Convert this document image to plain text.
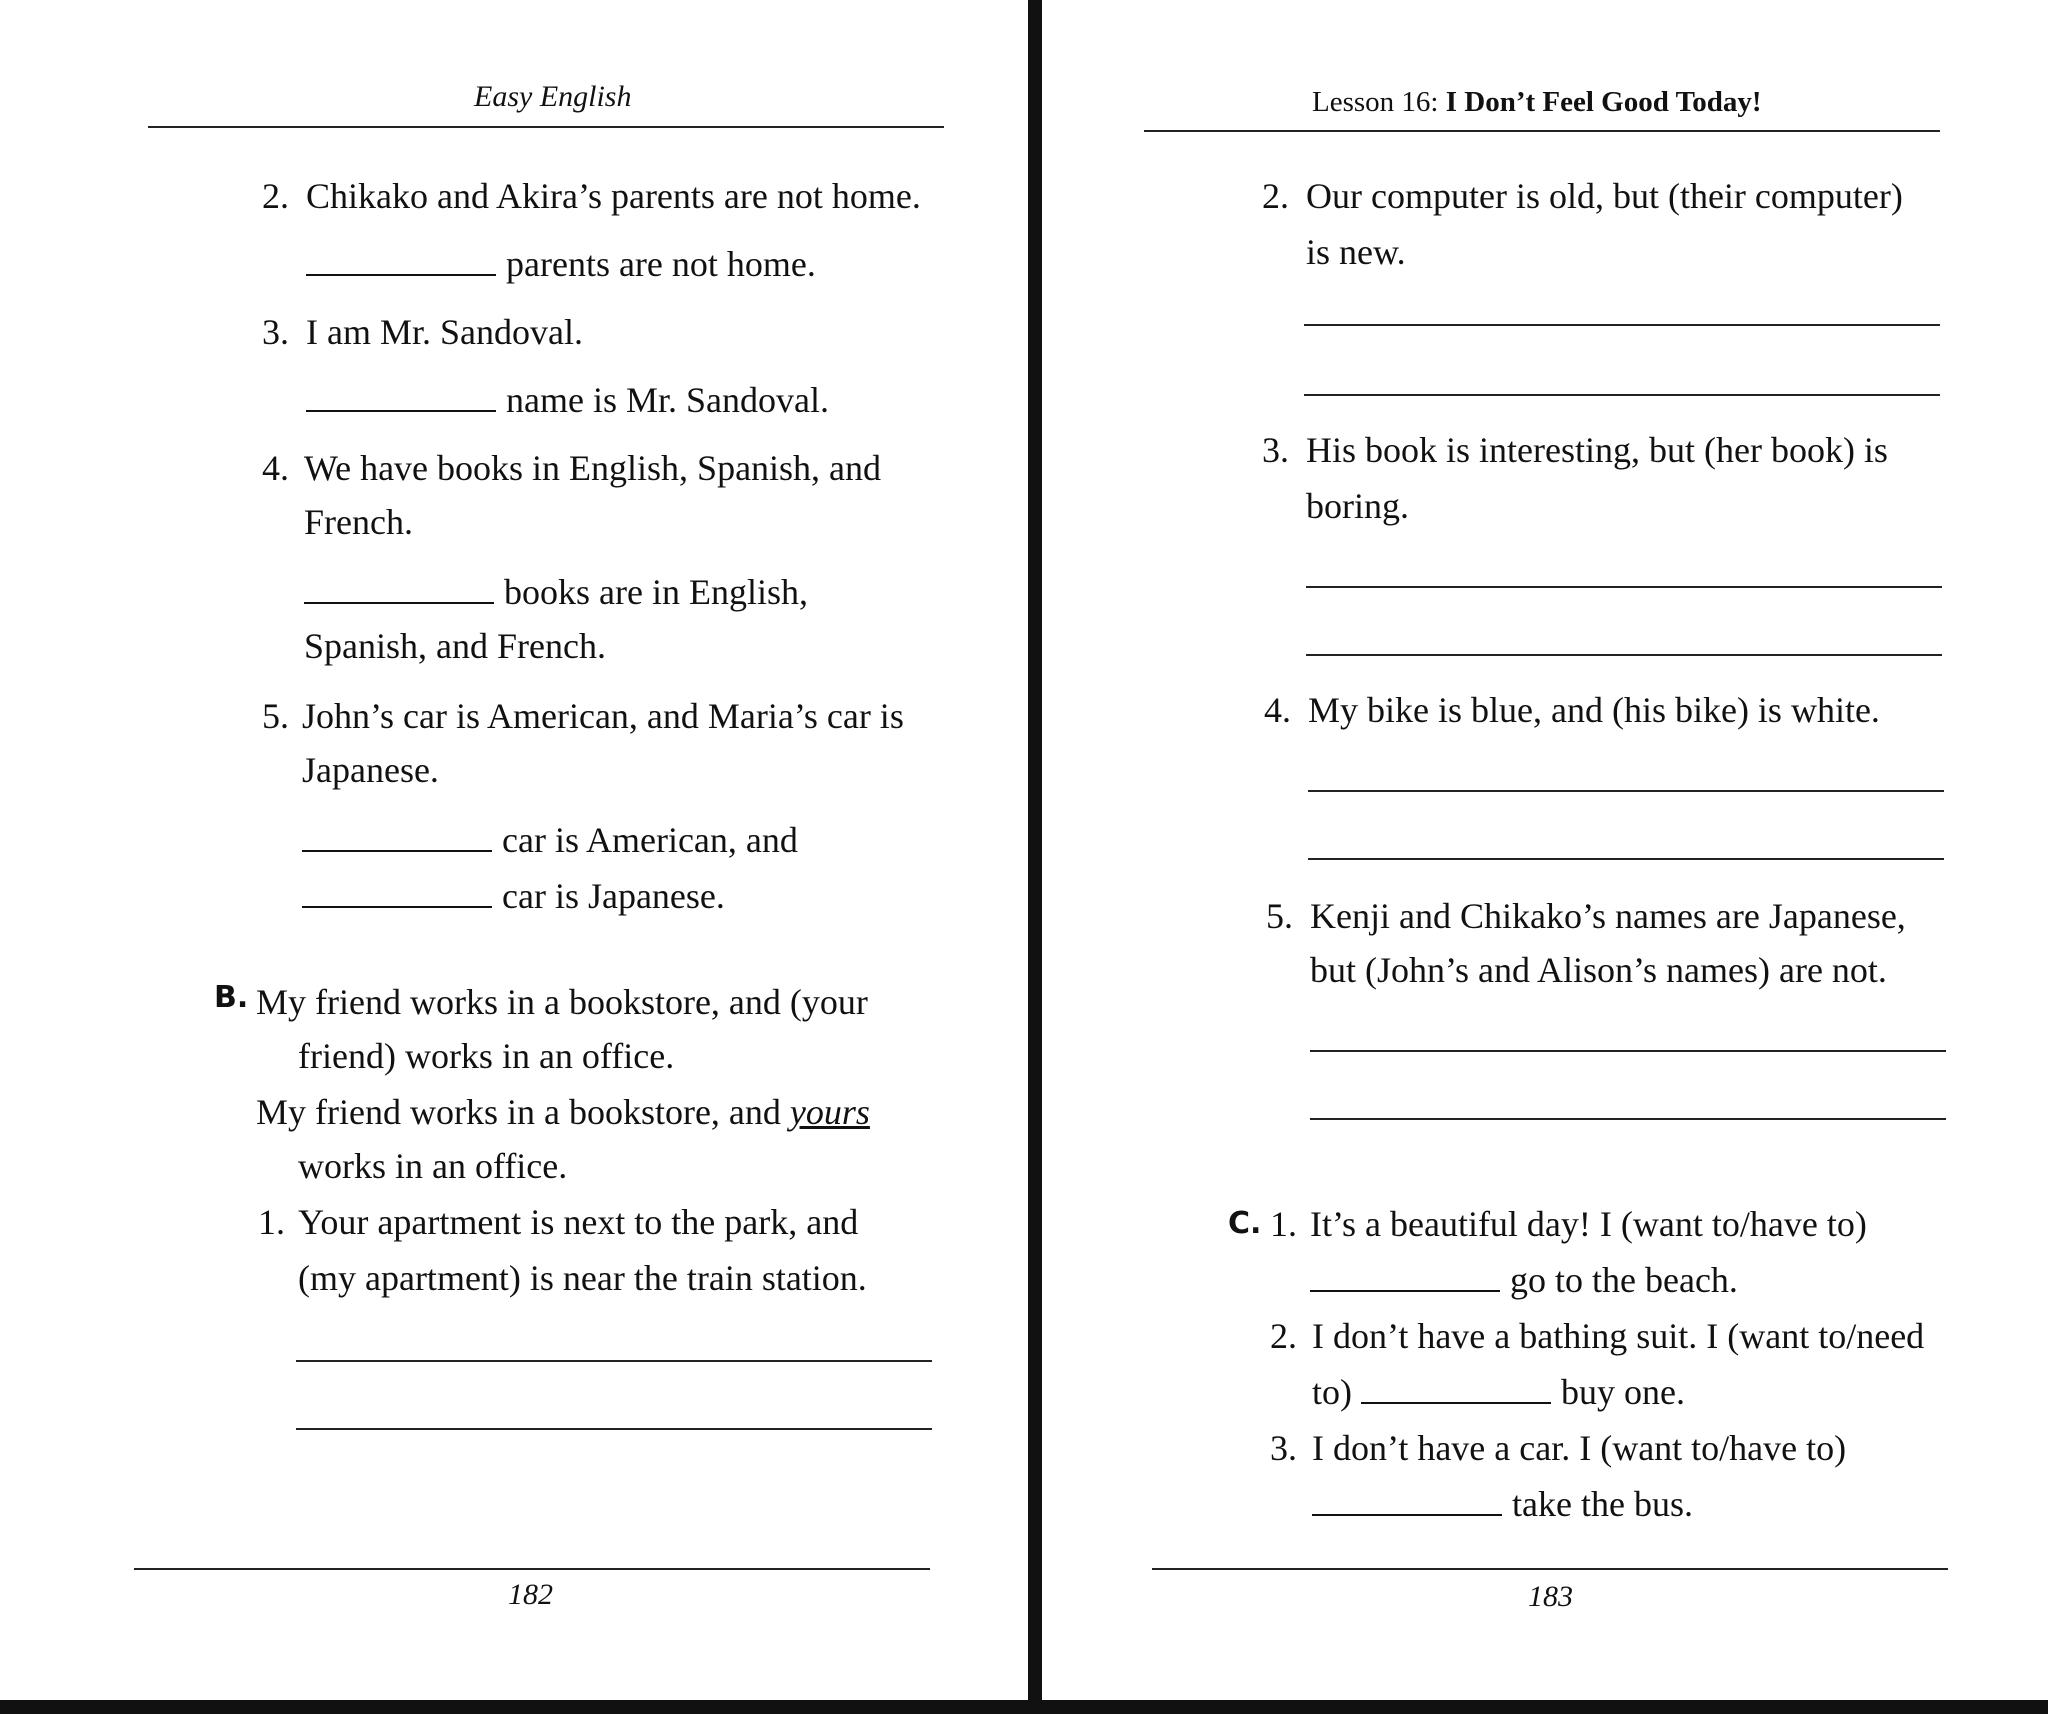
Easy English
2. Chikako and Akira’s parents are not home.
parents are not home.
3. I am Mr. Sandoval.
name is Mr. Sandoval.
4. We have books in English, Spanish, and
French.
books are in English,
Spanish, and French.
5. John’s car is American, and Maria’s car is
Japanese.
car is American, and
car is Japanese.
B. My friend works in a bookstore, and (your
friend) works in an office.
My friend works in a bookstore, and yours
works in an office.
1. Your apartment is next to the park, and
(my apartment) is near the train station.
182
Lesson 16: I Don’t Feel Good Today!
2. Our computer is old, but (their computer)
is new.
3. His book is interesting, but (her book) is
boring.
4. My bike is blue, and (his bike) is white.
5. Kenji and Chikako’s names are Japanese,
but (John’s and Alison’s names) are not.
C. 1. It’s a beautiful day! I (want to/have to)
go to the beach.
2. I don’t have a bathing suit. I (want to/need
to)	buy one.
3. I don’t have a car. I (want to/have to)
take the bus.
183
